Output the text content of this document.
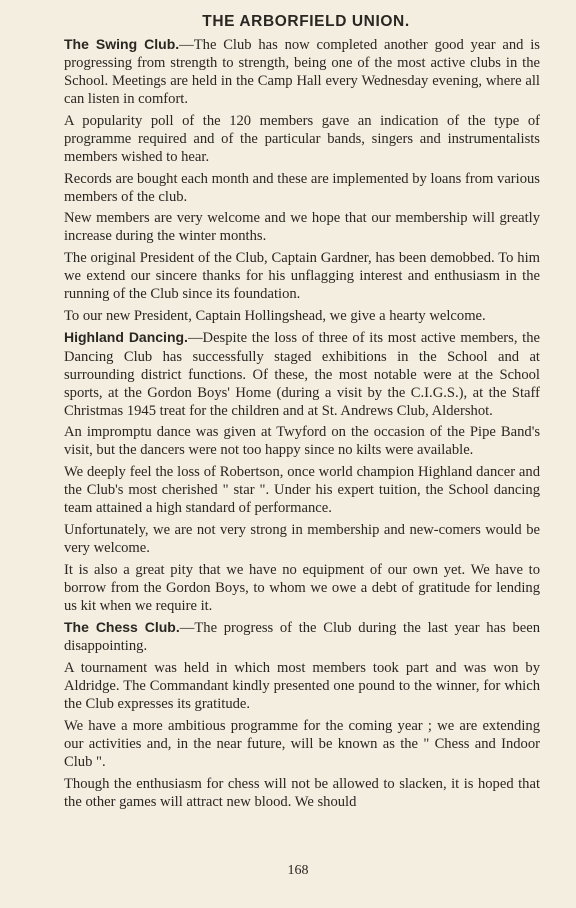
THE ARBORFIELD UNION.

The Swing Club.—The Club has now completed another good year and is progressing from strength to strength, being one of the most active clubs in the School. Meetings are held in the Camp Hall every Wednesday evening, where all can listen in comfort.

A popularity poll of the 120 members gave an indication of the type of programme required and of the particular bands, singers and instrumentalists members wished to hear.

Records are bought each month and these are implemented by loans from various members of the club.

New members are very welcome and we hope that our membership will greatly increase during the winter months.

The original President of the Club, Captain Gardner, has been demobbed. To him we extend our sincere thanks for his unflagging interest and enthusiasm in the running of the Club since its foundation.

To our new President, Captain Hollingshead, we give a hearty welcome.

Highland Dancing.—Despite the loss of three of its most active members, the Dancing Club has successfully staged exhibitions in the School and at surrounding district functions. Of these, the most notable were at the School sports, at the Gordon Boys' Home (during a visit by the C.I.G.S.), at the Staff Christmas 1945 treat for the children and at St. Andrews Club, Aldershot.

An impromptu dance was given at Twyford on the occasion of the Pipe Band's visit, but the dancers were not too happy since no kilts were available.

We deeply feel the loss of Robertson, once world champion Highland dancer and the Club's most cherished " star ". Under his expert tuition, the School dancing team attained a high standard of performance.

Unfortunately, we are not very strong in membership and new-comers would be very welcome.

It is also a great pity that we have no equipment of our own yet. We have to borrow from the Gordon Boys, to whom we owe a debt of gratitude for lending us kit when we require it.

The Chess Club.—The progress of the Club during the last year has been disappointing.

A tournament was held in which most members took part and was won by Aldridge. The Commandant kindly presented one pound to the winner, for which the Club expresses its gratitude.

We have a more ambitious programme for the coming year ; we are extending our activities and, in the near future, will be known as the " Chess and Indoor Club ".

Though the enthusiasm for chess will not be allowed to slacken, it is hoped that the other games will attract new blood. We should

168
